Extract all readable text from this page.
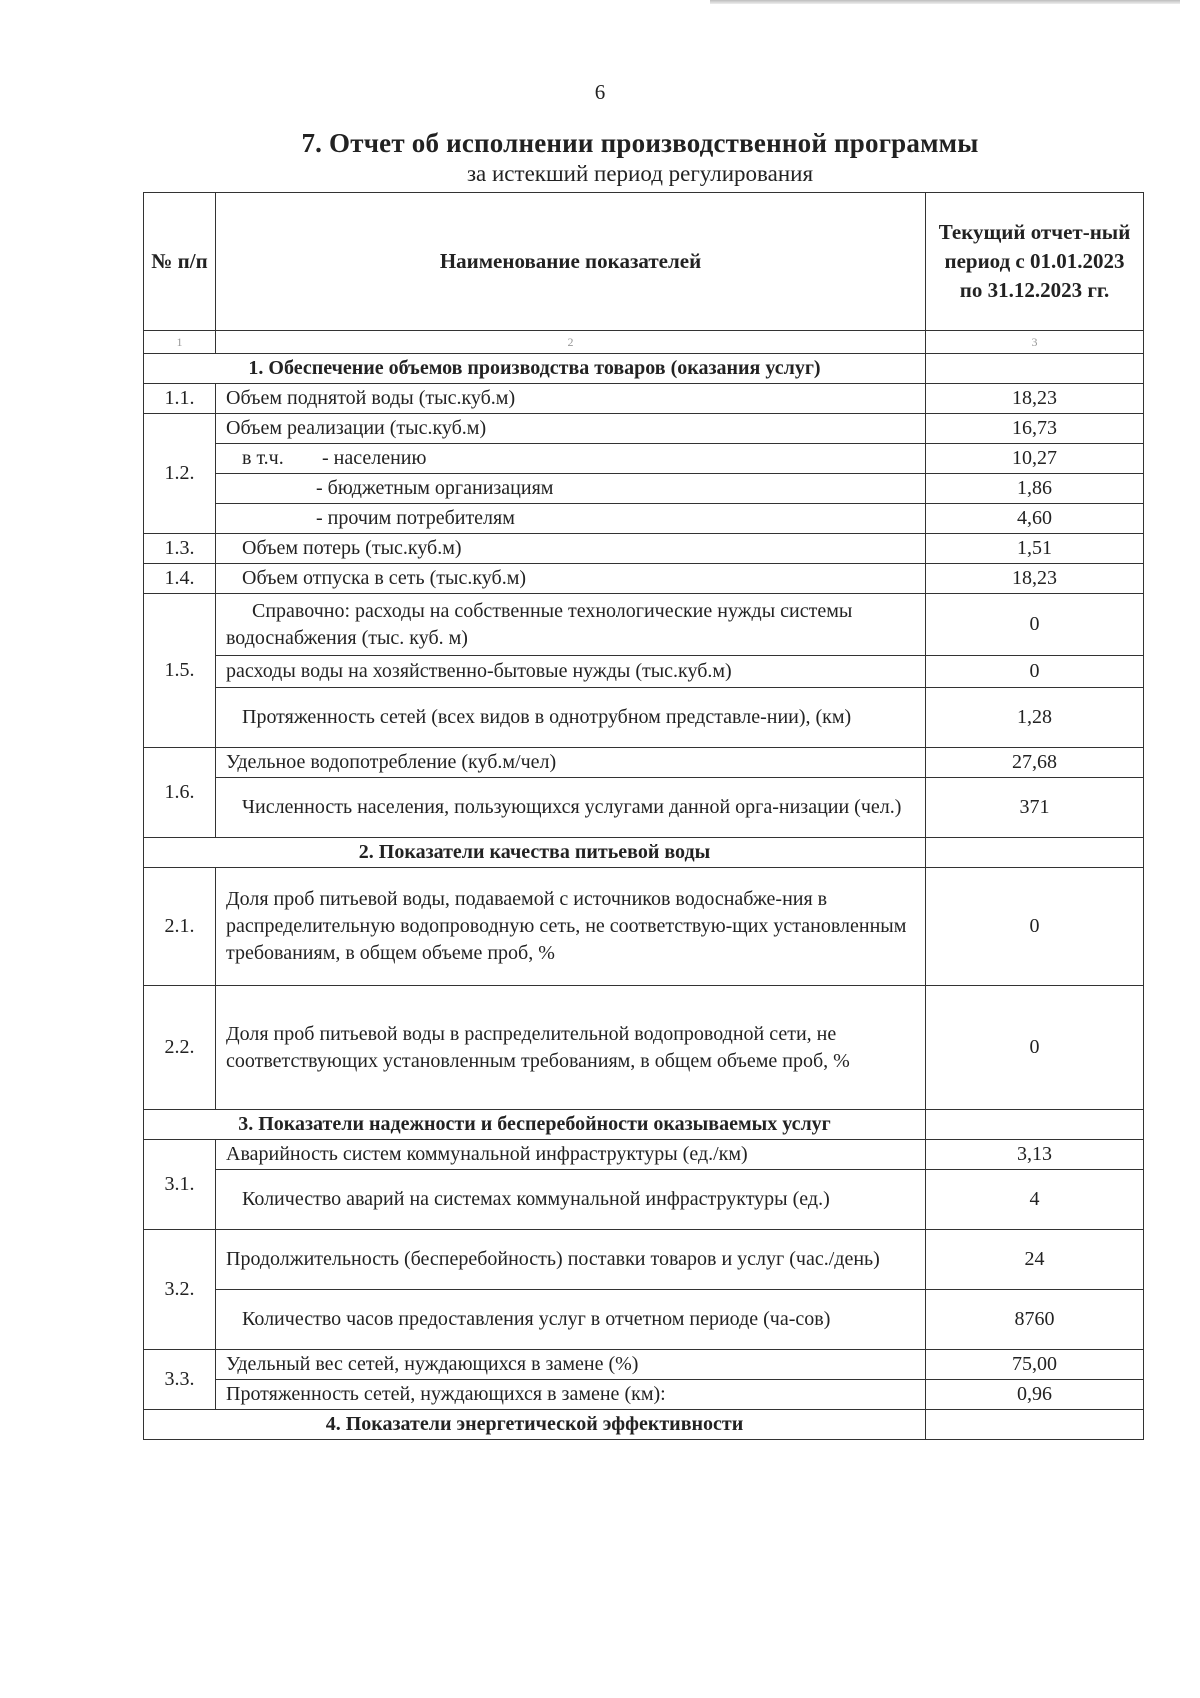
6
7. Отчет об исполнении производственной программы
за истекший период регулирования
№ п/п	Наименование показателей	Текущий отчет-ный период с 01.01.2023 по 31.12.2023 гг.
1	2	3
1. Обеспечение объемов производства товаров (оказания услуг)		
1.1.	Объем поднятой воды (тыс.куб.м)	18,23
1.2.	Объем реализации (тыс.куб.м)	16,73
	в т.ч. - населению	10,27
	- бюджетным организациям	1,86
	- прочим потребителям	4,60
1.3.	Объем потерь (тыс.куб.м)	1,51
1.4.	Объем отпуска в сеть (тыс.куб.м)	18,23
1.5.	Справочно: расходы на собственные технологические нужды системы водоснабжения (тыс. куб. м)	0
	расходы воды на хозяйственно-бытовые нужды (тыс.куб.м)	0
	Протяженность сетей (всех видов в однотрубном представле-нии), (км)	1,28
1.6.	Удельное водопотребление (куб.м/чел)	27,68
	Численность населения, пользующихся услугами данной орга-низации (чел.)	371
2. Показатели качества питьевой воды		
2.1.	Доля проб питьевой воды, подаваемой с источников водоснабже-ния в распределительную водопроводную сеть, не соответствую-щих установленным требованиям, в общем объеме проб, %	0
2.2.	Доля проб питьевой воды в распределительной водопроводной сети, не соответствующих установленным требованиям, в общем объеме проб, %	0
3. Показатели надежности и бесперебойности оказываемых услуг		
3.1.	Аварийность систем коммунальной инфраструктуры (ед./км)	3,13
	Количество аварий на системах коммунальной инфраструктуры (ед.)	4
3.2.	Продолжительность (бесперебойность) поставки товаров и услуг (час./день)	24
	Количество часов предоставления услуг в отчетном периоде (ча-сов)	8760
3.3.	Удельный вес сетей, нуждающихся в замене (%)	75,00
	Протяженность сетей, нуждающихся в замене (км):	0,96
4. Показатели энергетической эффективности		
